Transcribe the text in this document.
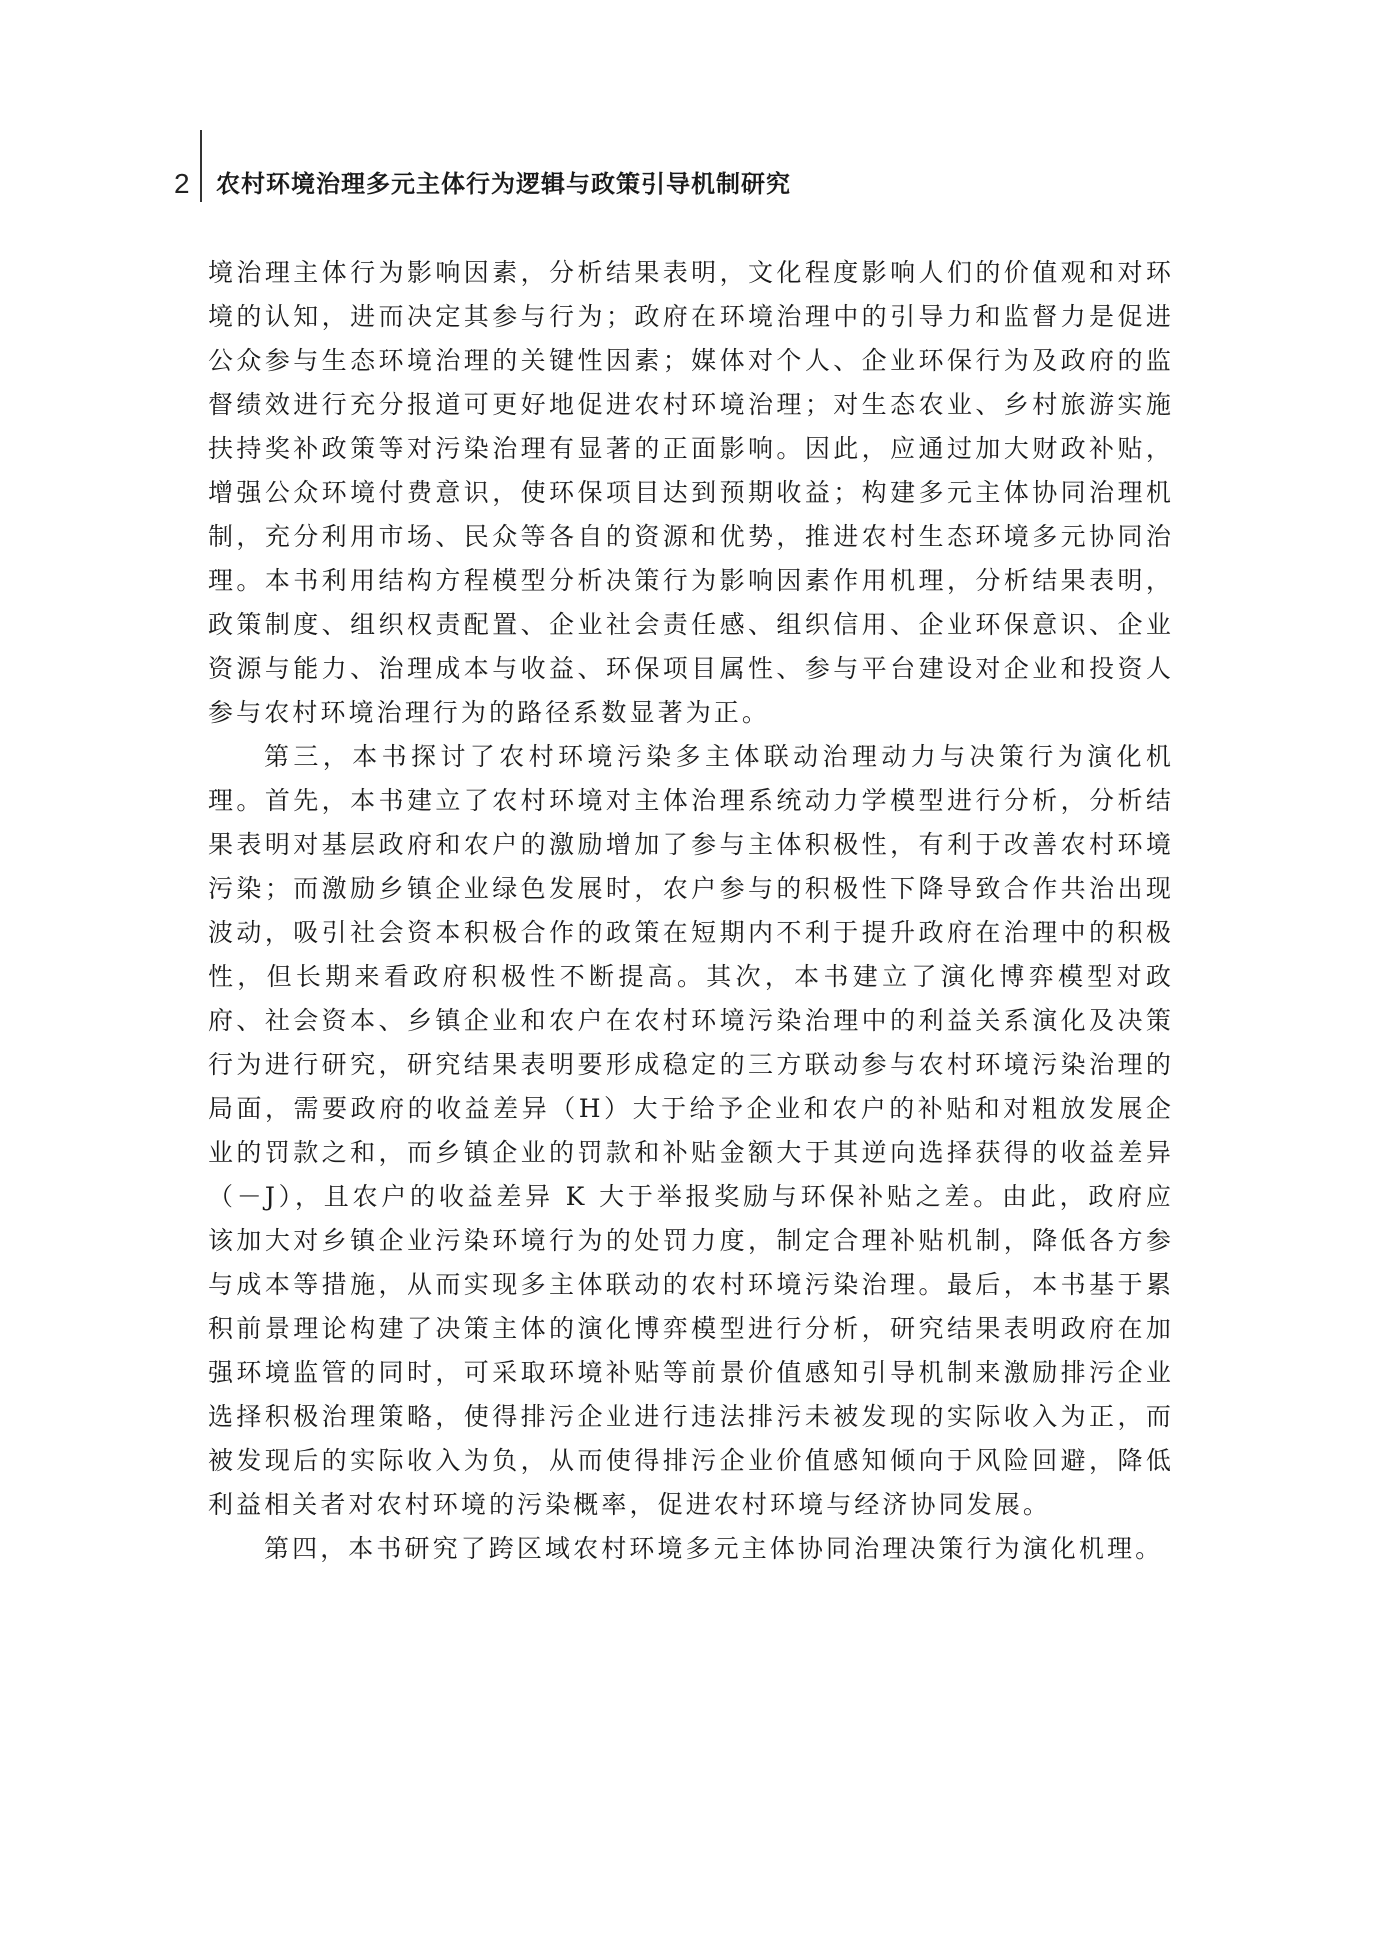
2 农村环境治理多元主体行为逻辑与政策引导机制研究

境治理主体行为影响因素，分析结果表明，文化程度影响人们的价值观和对环境的认知，进而决定其参与行为；政府在环境治理中的引导力和监督力是促进公众参与生态环境治理的关键性因素；媒体对个人、企业环保行为及政府的监督绩效进行充分报道可更好地促进农村环境治理；对生态农业、乡村旅游实施扶持奖补政策等对污染治理有显著的正面影响。因此，应通过加大财政补贴，增强公众环境付费意识，使环保项目达到预期收益；构建多元主体协同治理机制，充分利用市场、民众等各自的资源和优势，推进农村生态环境多元协同治理。本书利用结构方程模型分析决策行为影响因素作用机理，分析结果表明，政策制度、组织权责配置、企业社会责任感、组织信用、企业环保意识、企业资源与能力、治理成本与收益、环保项目属性、参与平台建设对企业和投资人参与农村环境治理行为的路径系数显著为正。

第三，本书探讨了农村环境污染多主体联动治理动力与决策行为演化机理。首先，本书建立了农村环境对主体治理系统动力学模型进行分析，分析结果表明对基层政府和农户的激励增加了参与主体积极性，有利于改善农村环境污染；而激励乡镇企业绿色发展时，农户参与的积极性下降导致合作共治出现波动，吸引社会资本积极合作的政策在短期内不利于提升政府在治理中的积极性，但长期来看政府积极性不断提高。其次，本书建立了演化博弈模型对政府、社会资本、乡镇企业和农户在农村环境污染治理中的利益关系演化及决策行为进行研究，研究结果表明要形成稳定的三方联动参与农村环境污染治理的局面，需要政府的收益差异（H）大于给予企业和农户的补贴和对粗放发展企业的罚款之和，而乡镇企业的罚款和补贴金额大于其逆向选择获得的收益差异（－J），且农户的收益差异 K 大于举报奖励与环保补贴之差。由此，政府应该加大对乡镇企业污染环境行为的处罚力度，制定合理补贴机制，降低各方参与成本等措施，从而实现多主体联动的农村环境污染治理。最后，本书基于累积前景理论构建了决策主体的演化博弈模型进行分析，研究结果表明政府在加强环境监管的同时，可采取环境补贴等前景价值感知引导机制来激励排污企业选择积极治理策略，使得排污企业进行违法排污未被发现的实际收入为正，而被发现后的实际收入为负，从而使得排污企业价值感知倾向于风险回避，降低利益相关者对农村环境的污染概率，促进农村环境与经济协同发展。

第四，本书研究了跨区域农村环境多元主体协同治理决策行为演化机理。
